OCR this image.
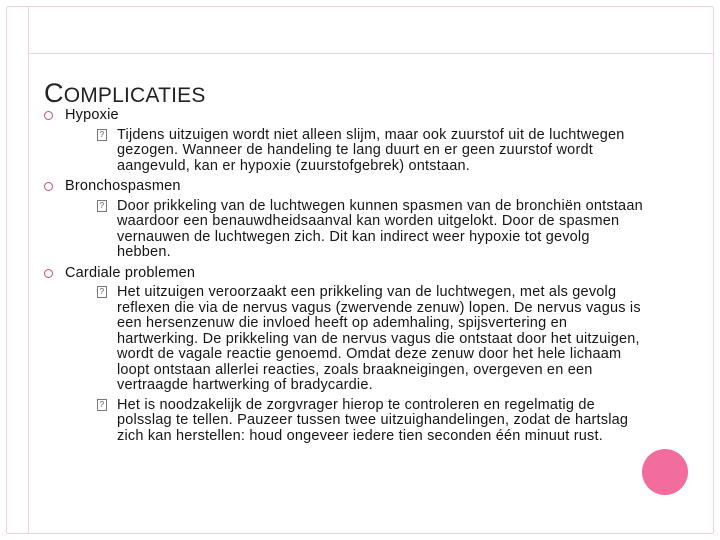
COMPLICATIES
Hypoxie
? Tijdens uitzuigen wordt niet alleen slijm, maar ook zuurstof uit de luchtwegen gezogen. Wanneer de handeling te lang duurt en er geen zuurstof wordt aangevuld, kan er hypoxie (zuurstofgebrek) ontstaan.
Bronchospasmen
? Door prikkeling van de luchtwegen kunnen spasmen van de bronchiën ontstaan waardoor een benauwdheidsaanval kan worden uitgelokt. Door de spasmen vernauwen de luchtwegen zich. Dit kan indirect weer hypoxie tot gevolg hebben.
Cardiale problemen
? Het uitzuigen veroorzaakt een prikkeling van de luchtwegen, met als gevolg reflexen die via de nervus vagus (zwervende zenuw) lopen. De nervus vagus is een hersenzenuw die invloed heeft op ademhaling, spijsvertering en hartwerking. De prikkeling van de nervus vagus die ontstaat door het uitzuigen, wordt de vagale reactie genoemd. Omdat deze zenuw door het hele lichaam loopt ontstaan allerlei reacties, zoals braakneigingen, overgeven en een vertraagde hartwerking of bradycardie.
? Het is noodzakelijk de zorgvrager hierop te controleren en regelmatig de polsslag te tellen. Pauzeer tussen twee uitzuighandelingen, zodat de hartslag zich kan herstellen: houd ongeveer iedere tien seconden één minuut rust.
